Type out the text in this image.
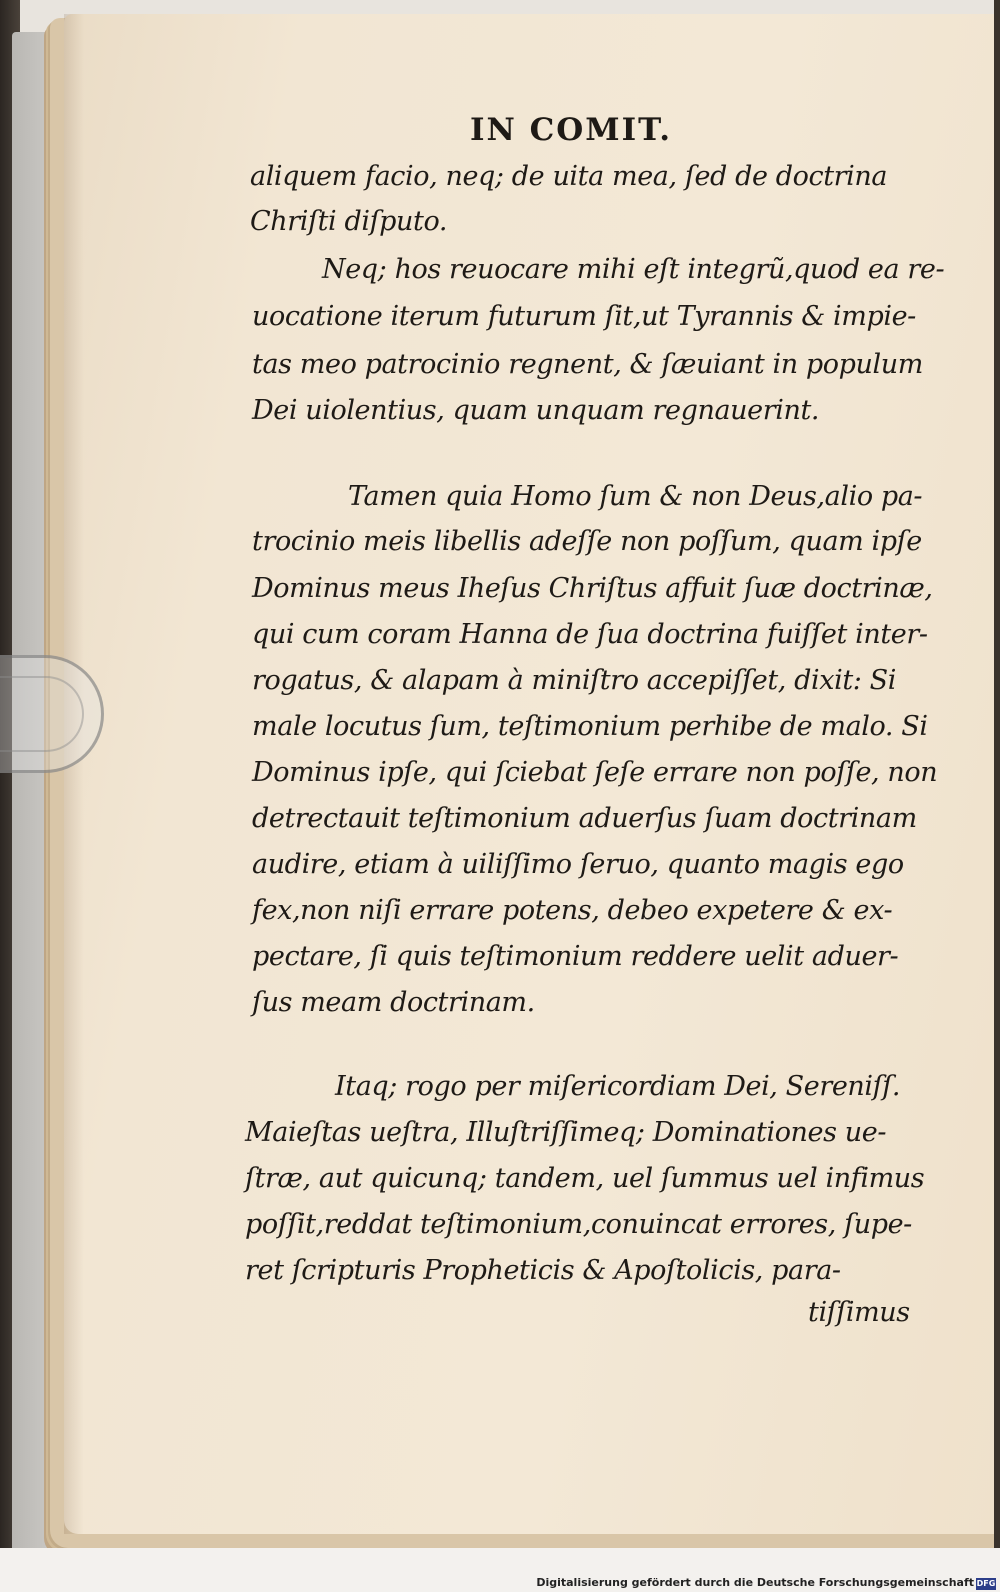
IN COMIT.
aliquem facio, neq; de uita mea, ſed de doctrina
Chriſti diſputo.
Neq; hos reuocare mihi eſt integrũ,quod ea re-
uocatione iterum futurum ſit,ut Tyrannis & impie-
tas meo patrocinio regnent, & ſæuiant in populum
Dei uiolentius, quam unquam regnauerint.
Tamen quia Homo ſum & non Deus,alio pa-
trocinio meis libellis adeſſe non poſſum, quam ipſe
Dominus meus Iheſus Chriſtus affuit ſuæ doctrinæ,
qui cum coram Hanna de ſua doctrina fuiſſet inter-
rogatus, & alapam à miniſtro accepiſſet, dixit: Si
male locutus ſum, teſtimonium perhibe de malo. Si
Dominus ipſe, qui ſciebat ſeſe errare non poſſe, non
detrectauit teſtimonium aduerſus ſuam doctrinam
audire, etiam à uiliſſimo ſeruo, quanto magis ego
fex,non niſi errare potens, debeo expetere & ex-
pectare, ſi quis teſtimonium reddere uelit aduer-
ſus meam doctrinam.
Itaq; rogo per miſericordiam Dei, Sereniſſ.
Maieſtas ueſtra, Illuſtriſſimeq; Dominationes ue-
ſtræ, aut quicunq; tandem, uel ſummus uel infimus
poſſit,reddat teſtimonium,conuincat errores, ſupe-
ret ſcripturis Propheticis & Apoſtolicis, para-
tiſſimus
Digitalisierung gefördert durch die Deutsche Forschungsgemeinschaft DFG
